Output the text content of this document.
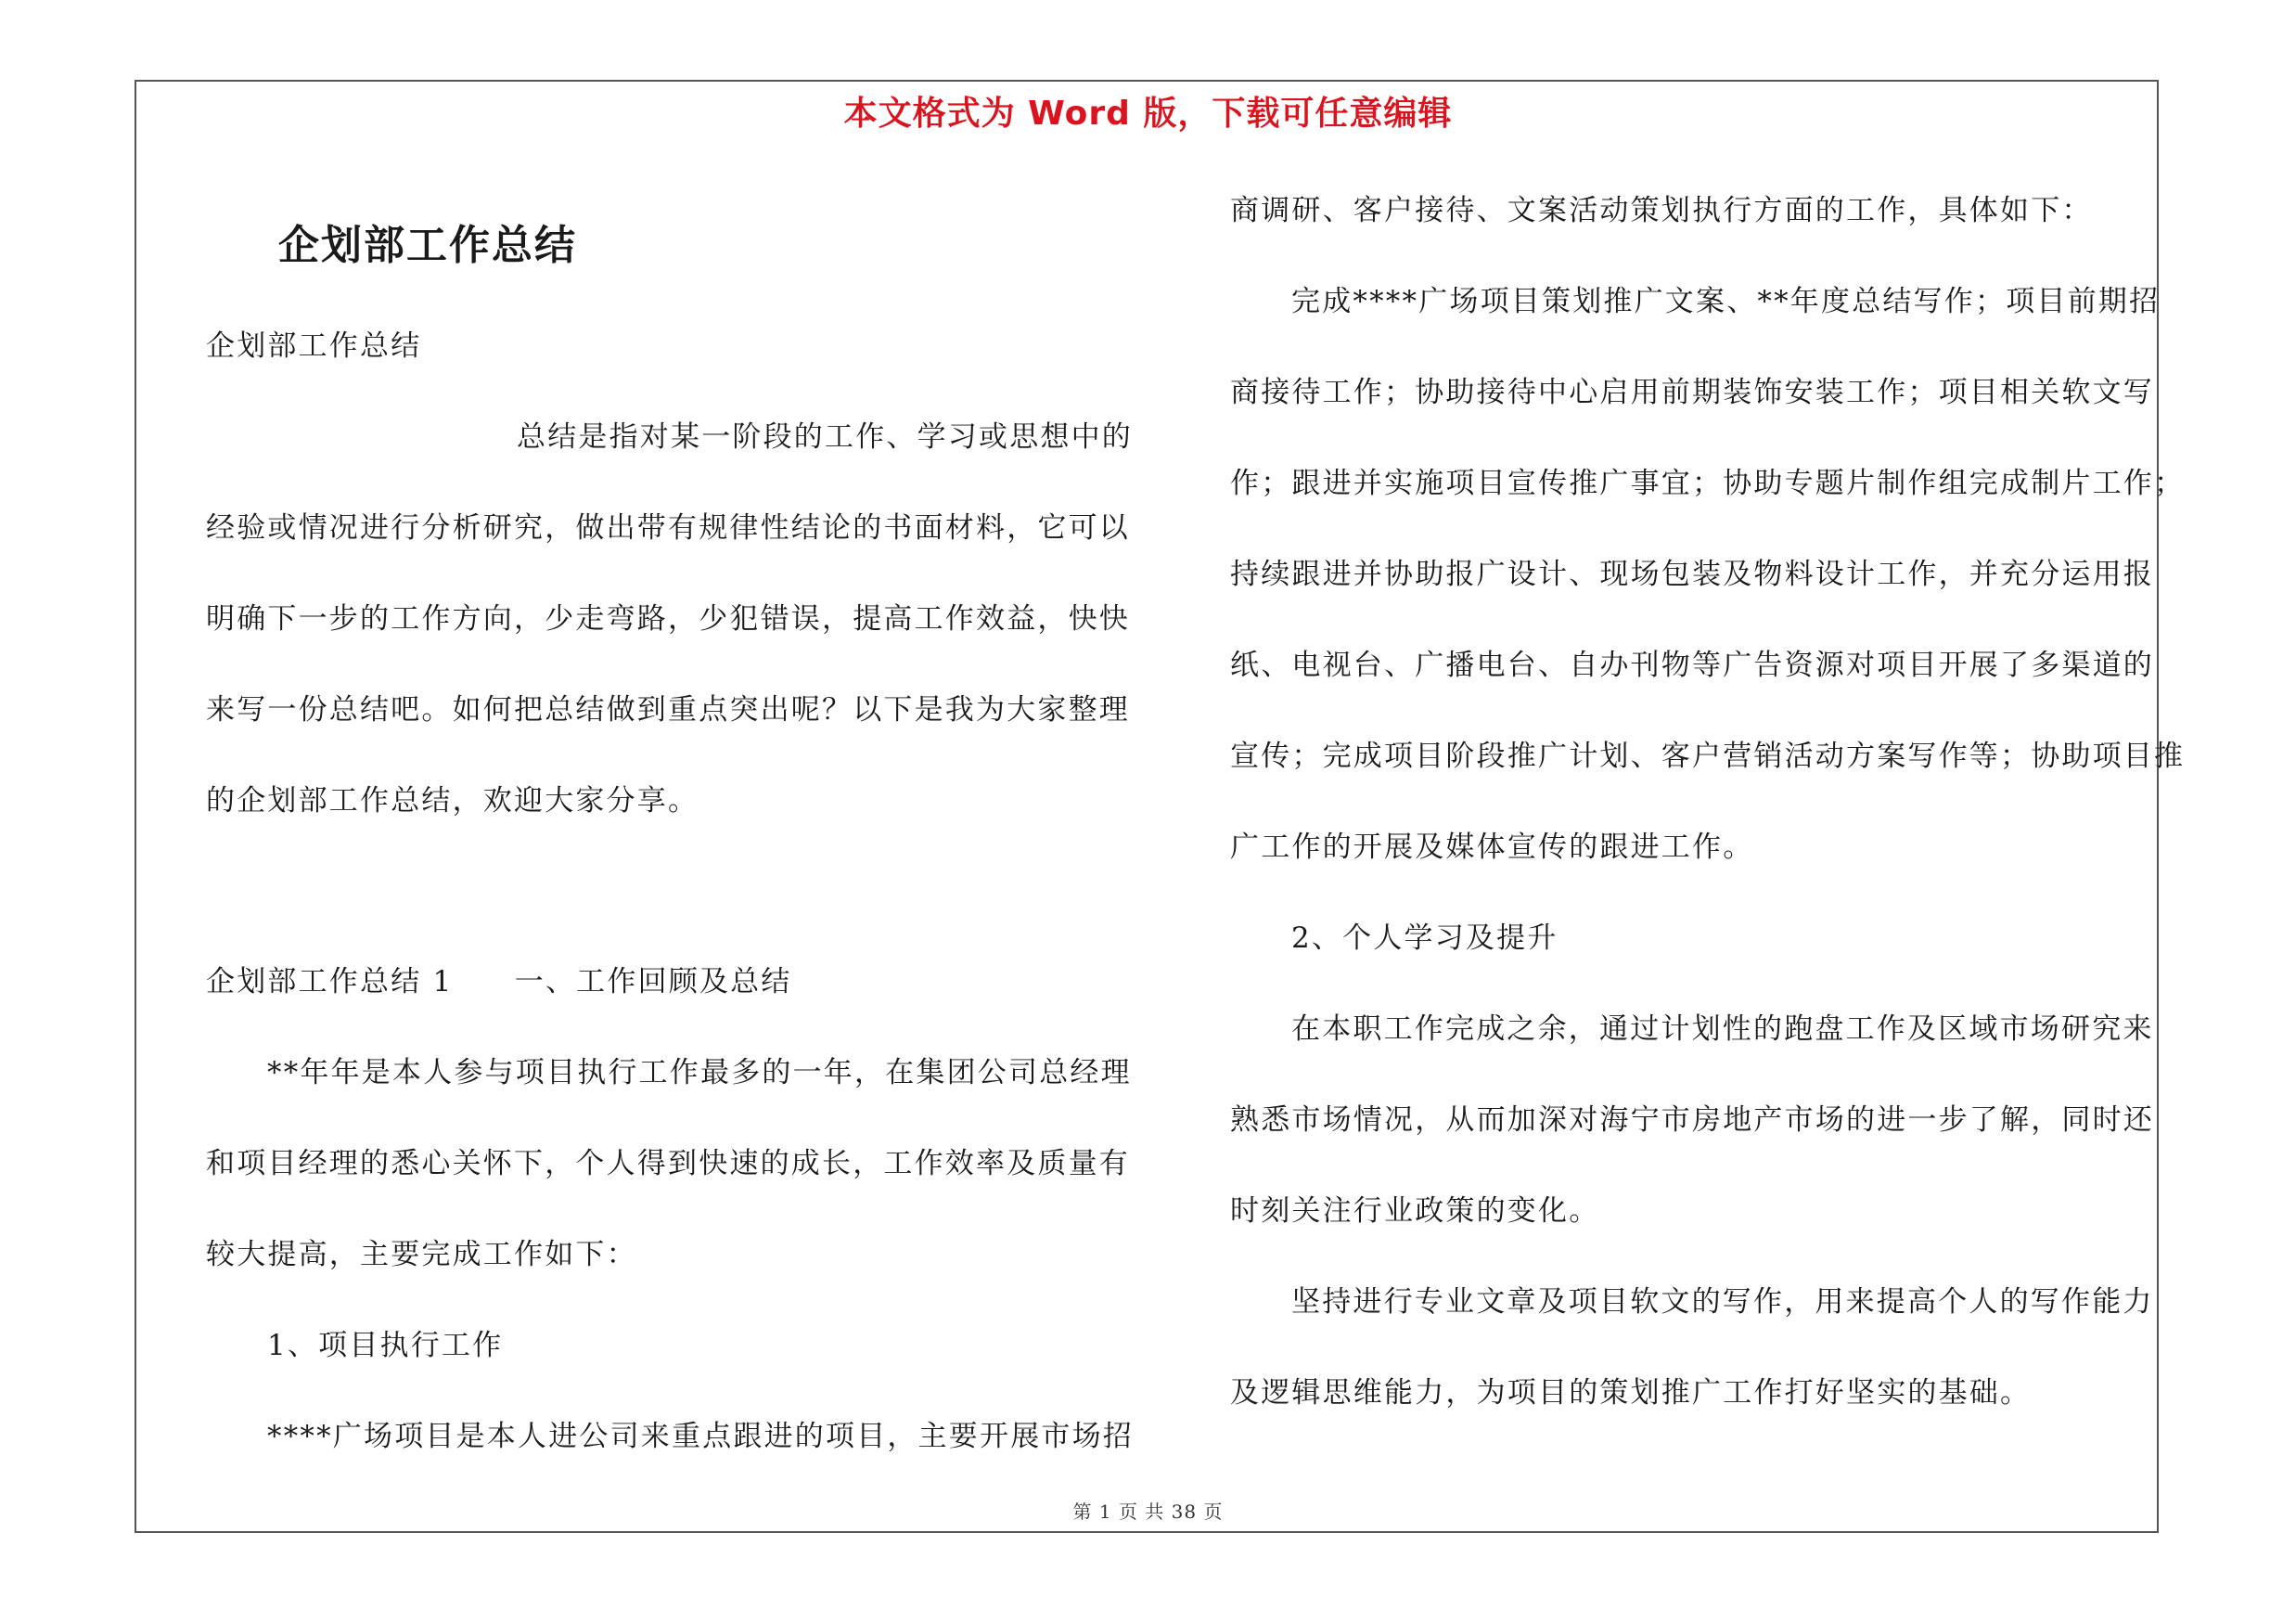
本文格式为 Word 版，下载可任意编辑
企划部工作总结
企划部工作总结
总结是指对某一阶段的工作、学习或思想中的
经验或情况进行分析研究，做出带有规律性结论的书面材料，它可以
明确下一步的工作方向，少走弯路，少犯错误，提高工作效益，快快
来写一份总结吧。如何把总结做到重点突出呢？以下是我为大家整理
的企划部工作总结，欢迎大家分享。
企划部工作总结 1　　一、工作回顾及总结
**年年是本人参与项目执行工作最多的一年，在集团公司总经理
和项目经理的悉心关怀下，个人得到快速的成长，工作效率及质量有
较大提高，主要完成工作如下：
1、项目执行工作
****广场项目是本人进公司来重点跟进的项目，主要开展市场招
商调研、客户接待、文案活动策划执行方面的工作，具体如下：
完成****广场项目策划推广文案、**年度总结写作；项目前期招
商接待工作；协助接待中心启用前期装饰安装工作；项目相关软文写
作；跟进并实施项目宣传推广事宜；协助专题片制作组完成制片工作；
持续跟进并协助报广设计、现场包装及物料设计工作，并充分运用报
纸、电视台、广播电台、自办刊物等广告资源对项目开展了多渠道的
宣传；完成项目阶段推广计划、客户营销活动方案写作等；协助项目推
广工作的开展及媒体宣传的跟进工作。
2、个人学习及提升
在本职工作完成之余，通过计划性的跑盘工作及区域市场研究来
熟悉市场情况，从而加深对海宁市房地产市场的进一步了解，同时还
时刻关注行业政策的变化。
坚持进行专业文章及项目软文的写作，用来提高个人的写作能力
及逻辑思维能力，为项目的策划推广工作打好坚实的基础。
第 1 页 共 38 页
